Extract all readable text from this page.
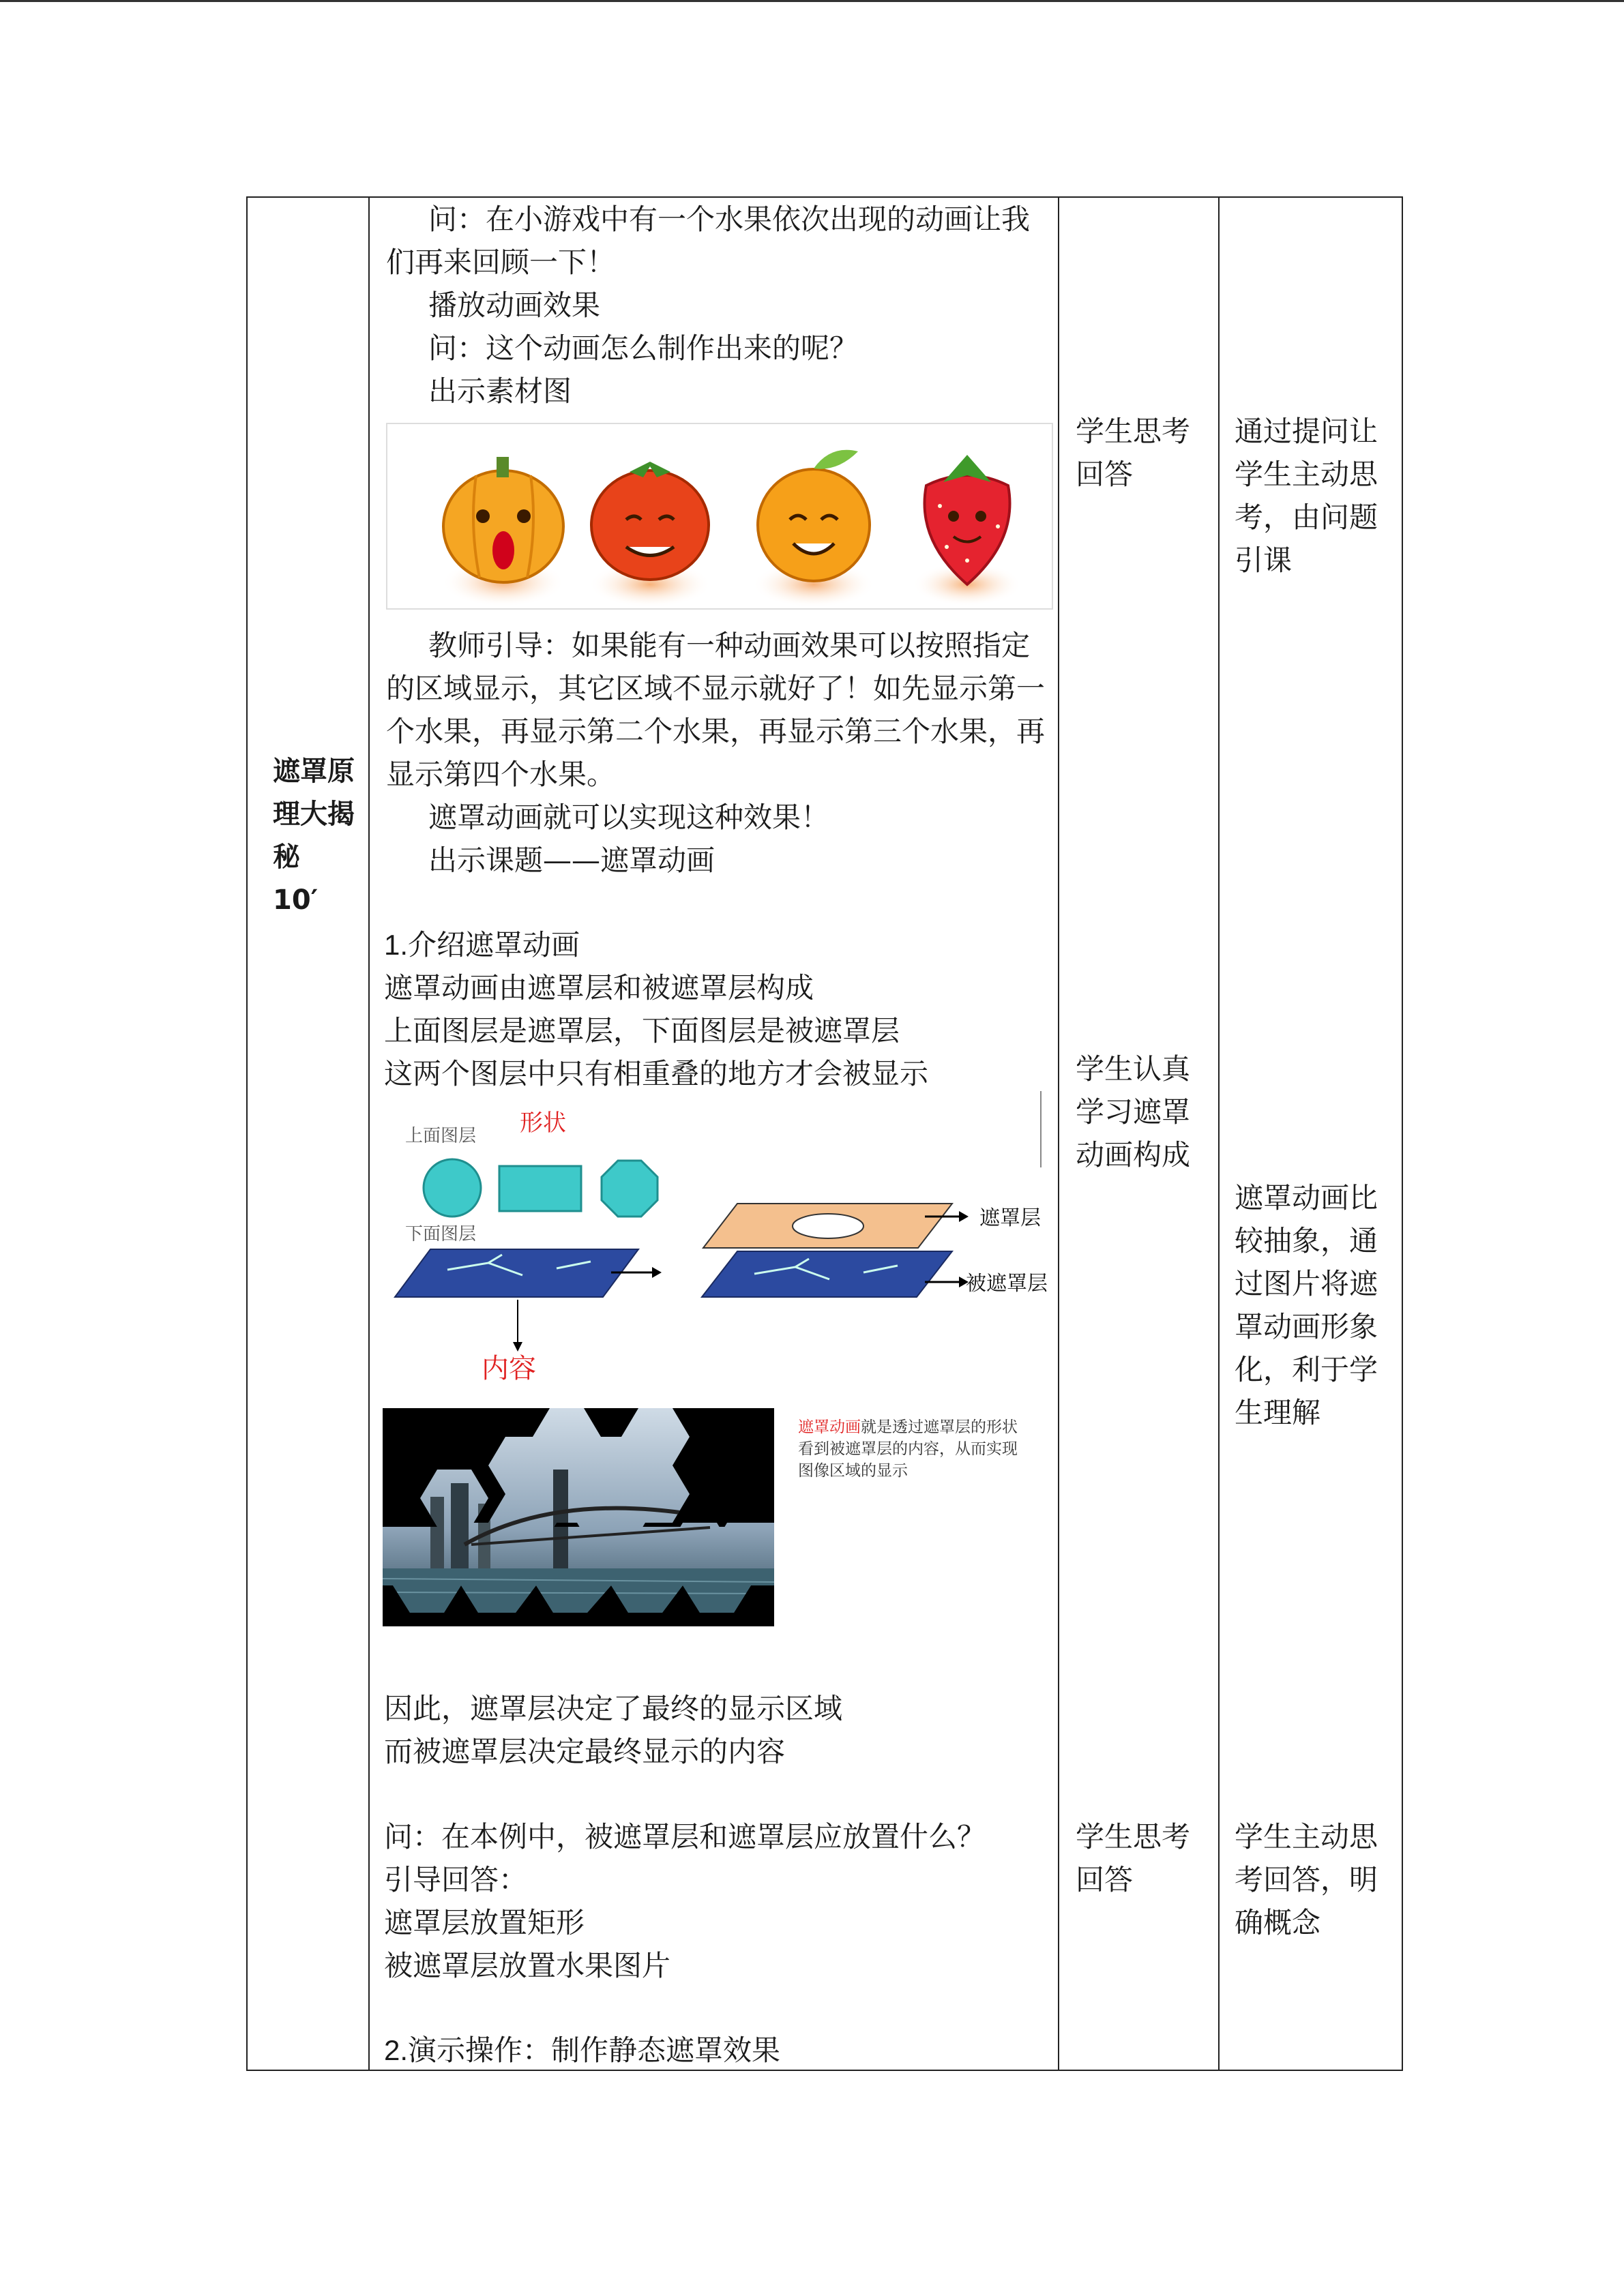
遮罩原理大揭秘
10′
问：在小游戏中有一个水果依次出现的动画让我
们再来回顾一下！
播放动画效果
问：这个动画怎么制作出来的呢？
出示素材图
教师引导：如果能有一种动画效果可以按照指定
的区域显示，其它区域不显示就好了！如先显示第一
个水果，再显示第二个水果，再显示第三个水果，再
显示第四个水果。
遮罩动画就可以实现这种效果！
出示课题——遮罩动画
1.介绍遮罩动画
遮罩动画由遮罩层和被遮罩层构成
上面图层是遮罩层，下面图层是被遮罩层
这两个图层中只有相重叠的地方才会被显示
上面图层 形状
下面图层
内容
遮罩层
被遮罩层
遮罩动画就是透过遮罩层的形状看到被遮罩层的内容，从而实现图像区域的显示
因此，遮罩层决定了最终的显示区域
而被遮罩层决定最终显示的内容
问：在本例中，被遮罩层和遮罩层应放置什么？
引导回答：
遮罩层放置矩形
被遮罩层放置水果图片
2.演示操作：制作静态遮罩效果
学生思考
回答
学生认真
学习遮罩
动画构成
学生思考
回答
通过提问让
学生主动思
考，由问题
引课
遮罩动画比
较抽象，通
过图片将遮
罩动画形象
化，利于学
生理解
学生主动思
考回答，明
确概念
